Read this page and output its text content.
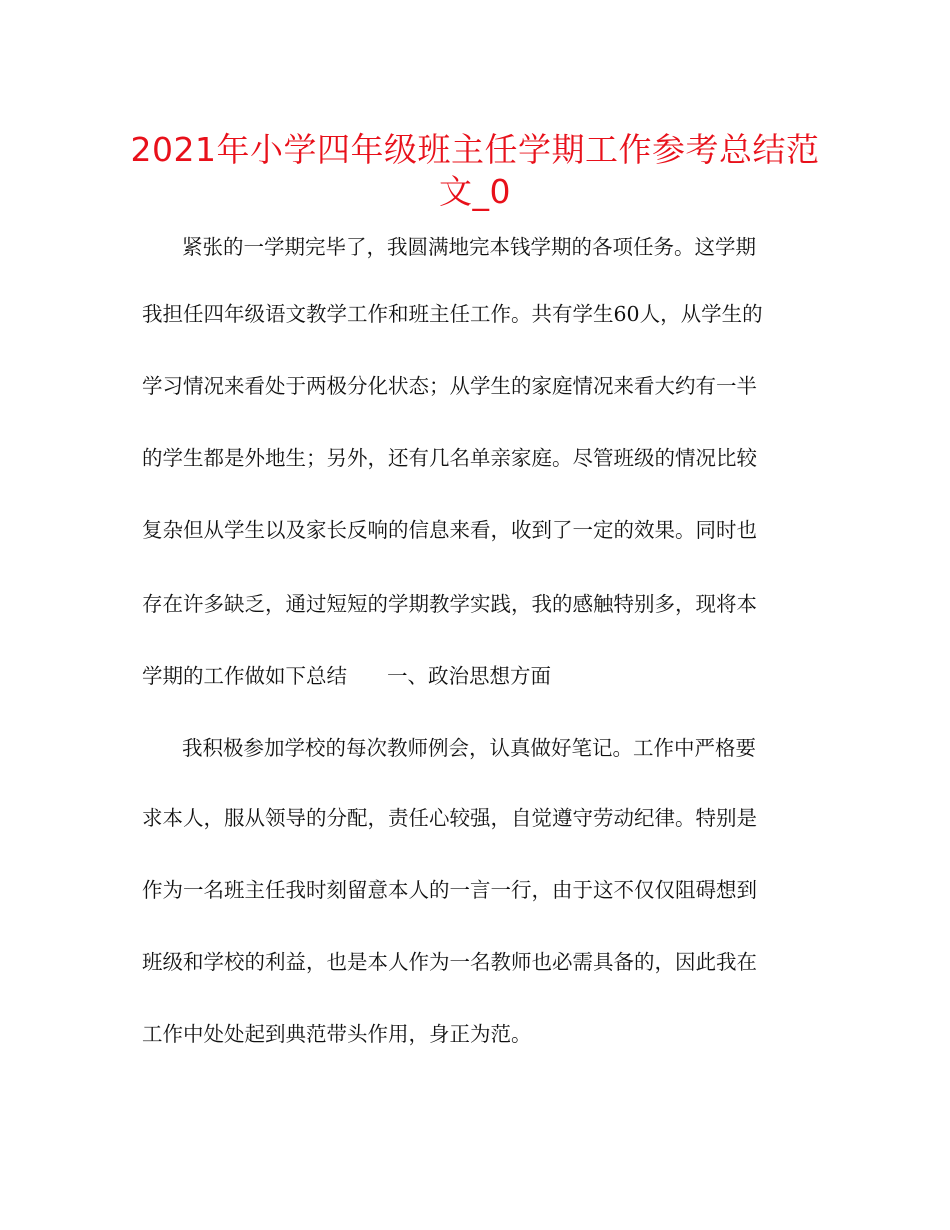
2021年小学四年级班主任学期工作参考总结范
文_0

紧张的一学期完毕了，我圆满地完本钱学期的各项任务。这学期

我担任四年级语文教学工作和班主任工作。共有学生60人，从学生的

学习情况来看处于两极分化状态；从学生的家庭情况来看大约有一半

的学生都是外地生；另外，还有几名单亲家庭。尽管班级的情况比较

复杂但从学生以及家长反响的信息来看，收到了一定的效果。同时也

存在许多缺乏，通过短短的学期教学实践，我的感触特别多，现将本

学期的工作做如下总结 一、政治思想方面

我积极参加学校的每次教师例会，认真做好笔记。工作中严格要

求本人，服从领导的分配，责任心较强，自觉遵守劳动纪律。特别是

作为一名班主任我时刻留意本人的一言一行，由于这不仅仅阻碍想到

班级和学校的利益，也是本人作为一名教师也必需具备的，因此我在

工作中处处起到典范带头作用，身正为范。
